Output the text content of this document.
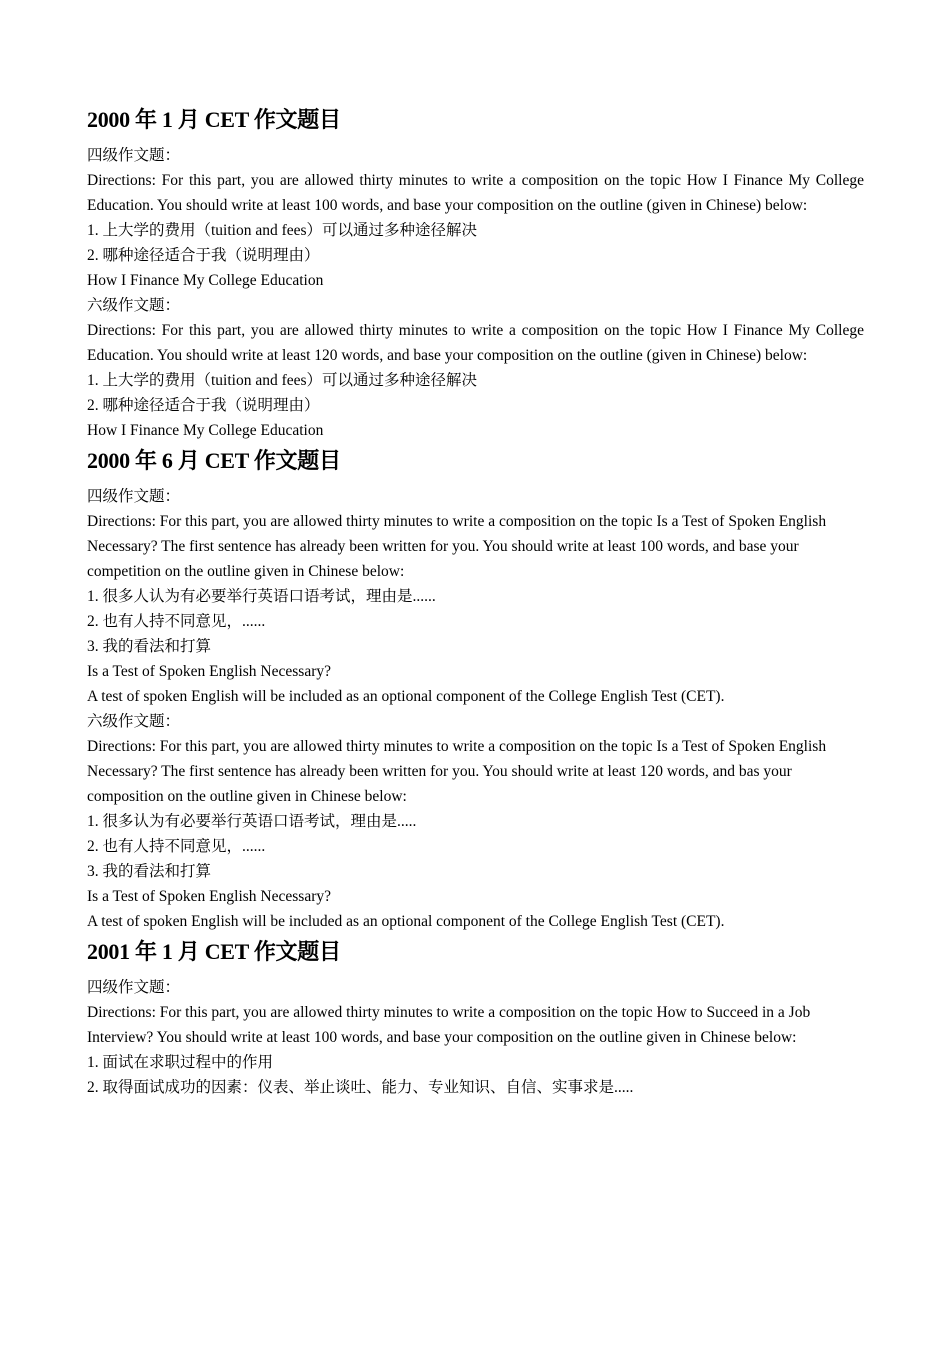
2000 年 1 月 CET 作文题目
四级作文题：
Directions: For this part, you are allowed thirty minutes to write a composition on the topic How I Finance My College Education. You should write at least 100 words, and base your composition on the outline (given in Chinese) below:
1. 上大学的费用（tuition and fees）可以通过多种途径解决
2. 哪种途径适合于我（说明理由）
How I Finance My College Education
六级作文题：
Directions: For this part, you are allowed thirty minutes to write a composition on the topic How I Finance My College Education. You should write at least 120 words, and base your composition on the outline (given in Chinese) below:
1. 上大学的费用（tuition and fees）可以通过多种途径解决
2. 哪种途径适合于我（说明理由）
How I Finance My College Education
2000 年 6 月 CET 作文题目
四级作文题：
Directions: For this part, you are allowed thirty minutes to write a composition on the topic Is a Test of Spoken English Necessary? The first sentence has already been written for you. You should write at least 100 words, and base your competition on the outline given in Chinese below:
1. 很多人认为有必要举行英语口语考试，理由是......
2. 也有人持不同意见，......
3. 我的看法和打算
Is a Test of Spoken English Necessary?
A test of spoken English will be included as an optional component of the College English Test (CET).
六级作文题：
Directions: For this part, you are allowed thirty minutes to write a composition on the topic Is a Test of Spoken English Necessary? The first sentence has already been written for you. You should write at least 120 words, and bas your composition on the outline given in Chinese below:
1. 很多认为有必要举行英语口语考试，理由是.....
2. 也有人持不同意见，......
3. 我的看法和打算
Is a Test of Spoken English Necessary?
A test of spoken English will be included as an optional component of the College English Test (CET).
2001 年 1 月 CET 作文题目
四级作文题：
Directions: For this part, you are allowed thirty minutes to write a composition on the topic How to Succeed in a Job Interview? You should write at least 100 words, and base your composition on the outline given in Chinese below:
1. 面试在求职过程中的作用
2. 取得面试成功的因素：仪表、举止谈吐、能力、专业知识、自信、实事求是.....
